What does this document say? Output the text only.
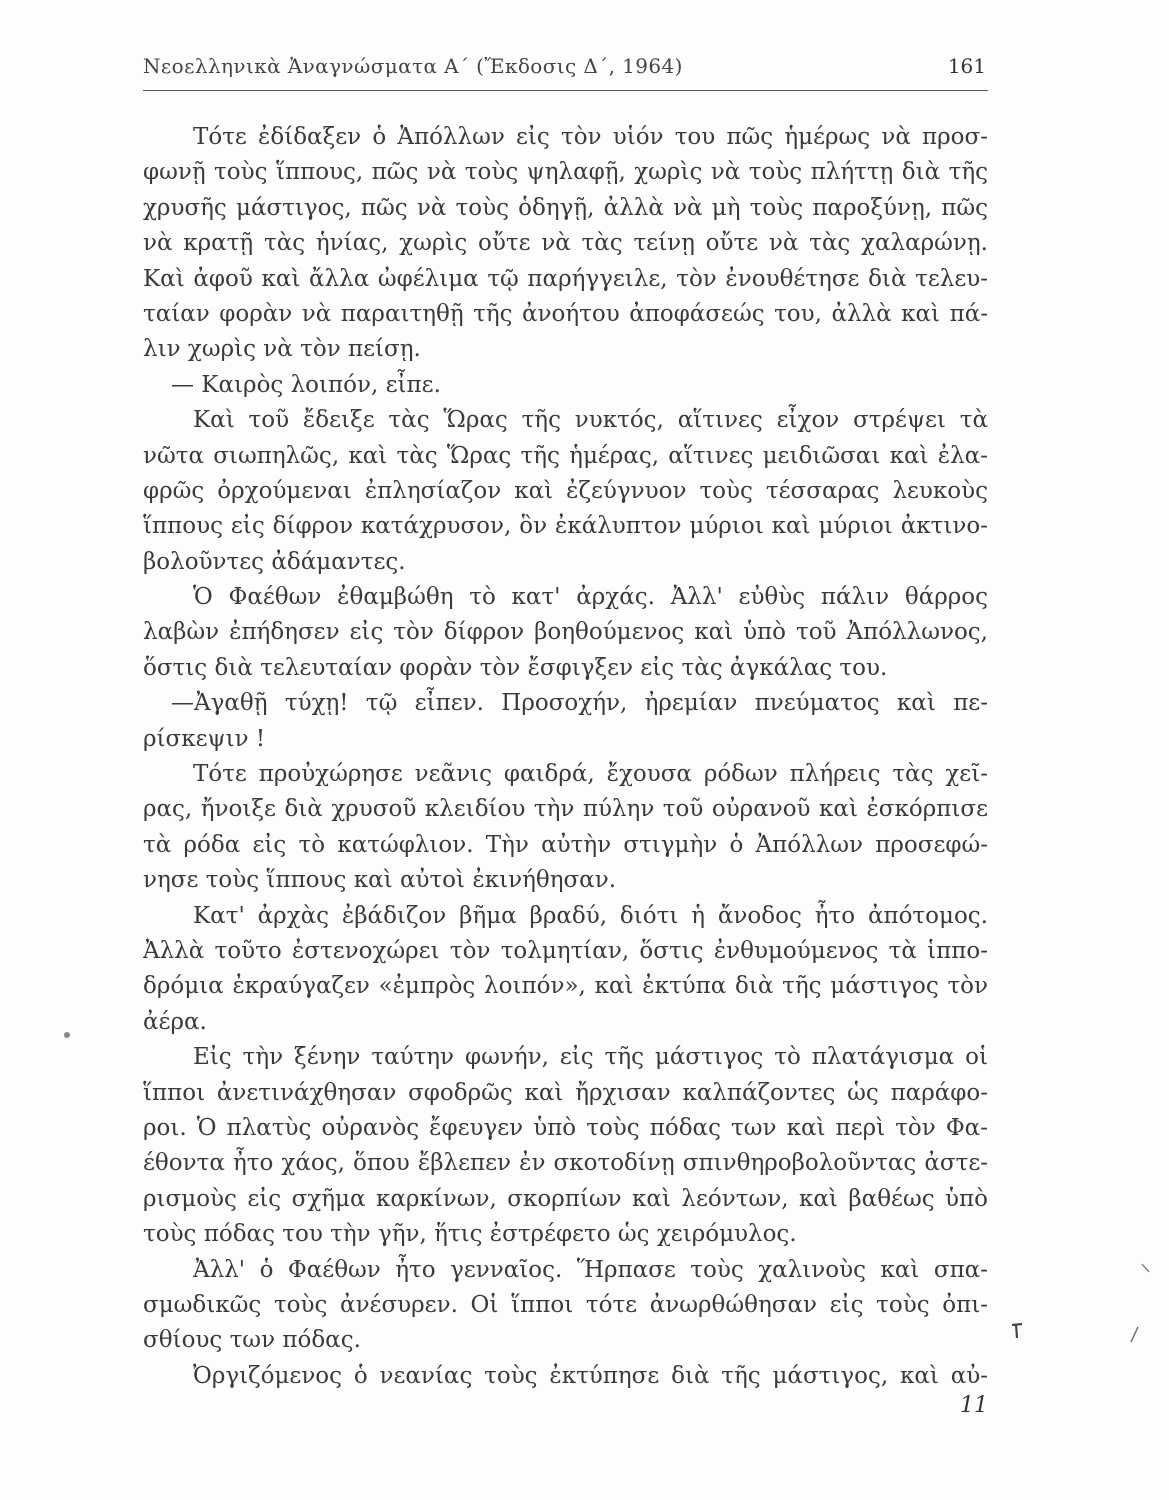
Νεοελληνικὰ Ἀναγνώσματα Α΄ (Ἔκδοσις Δ΄, 1964)	161
Τότε ἐδίδαξεν ὁ Ἀπόλλων εἰς τὸν υἱόν του πῶς ἡμέρως νὰ προσ-
φωνῇ τοὺς ἵππους, πῶς νὰ τοὺς ψηλαφῇ, χωρὶς νὰ τοὺς πλήττῃ διὰ τῆς
χρυσῆς μάστιγος, πῶς νὰ τοὺς ὁδηγῇ, ἀλλὰ νὰ μὴ τοὺς παροξύνῃ, πῶς
νὰ κρατῇ τὰς ἡνίας, χωρὶς οὔτε νὰ τὰς τείνῃ οὔτε νὰ τὰς χαλαρώνῃ.
Καὶ ἀφοῦ καὶ ἄλλα ὠφέλιμα τῷ παρήγγειλε, τὸν ἐνουθέτησε διὰ τελευ-
ταίαν φορὰν νὰ παραιτηθῇ τῆς ἀνοήτου ἀποφάσεώς του, ἀλλὰ καὶ πά-
λιν χωρὶς νὰ τὸν πείσῃ.
— Καιρὸς λοιπόν, εἶπε.
Καὶ τοῦ ἔδειξε τὰς Ὥρας τῆς νυκτός, αἵτινες εἶχον στρέψει τὰ
νῶτα σιωπηλῶς, καὶ τὰς Ὥρας τῆς ἡμέρας, αἵτινες μειδιῶσαι καὶ ἐλα-
φρῶς ὀρχούμεναι ἐπλησίαζον καὶ ἐζεύγνυον τοὺς τέσσαρας λευκοὺς
ἵππους εἰς δίφρον κατάχρυσον, ὃν ἐκάλυπτον μύριοι καὶ μύριοι ἀκτινο-
βολοῦντες ἀδάμαντες.
Ὁ Φαέθων ἐθαμβώθη τὸ κατ' ἀρχάς. Ἀλλ' εὐθὺς πάλιν θάρρος
λαβὼν ἐπήδησεν εἰς τὸν δίφρον βοηθούμενος καὶ ὑπὸ τοῦ Ἀπόλλωνος,
ὅστις διὰ τελευταίαν φορὰν τὸν ἔσφιγξεν εἰς τὰς ἀγκάλας του.
—Ἀγαθῇ τύχῃ! τῷ εἶπεν. Προσοχήν, ἠρεμίαν πνεύματος καὶ πε-
ρίσκεψιν !
Τότε προὐχώρησε νεᾶνις φαιδρά, ἔχουσα ρόδων πλήρεις τὰς χεῖ-
ρας, ἤνοιξε διὰ χρυσοῦ κλειδίου τὴν πύλην τοῦ οὐρανοῦ καὶ ἐσκόρπισε
τὰ ρόδα εἰς τὸ κατώφλιον. Τὴν αὐτὴν στιγμὴν ὁ Ἀπόλλων προσεφώ-
νησε τοὺς ἵππους καὶ αὐτοὶ ἐκινήθησαν.
Κατ' ἀρχὰς ἐβάδιζον βῆμα βραδύ, διότι ἡ ἄνοδος ἦτο ἀπότομος.
Ἀλλὰ τοῦτο ἐστενοχώρει τὸν τολμητίαν, ὅστις ἐνθυμούμενος τὰ ἱππο-
δρόμια ἐκραύγαζεν «ἐμπρὸς λοιπόν», καὶ ἐκτύπα διὰ τῆς μάστιγος τὸν
ἀέρα.
Εἰς τὴν ξένην ταύτην φωνήν, εἰς τῆς μάστιγος τὸ πλατάγισμα οἱ
ἵπποι ἀνετινάχθησαν σφοδρῶς καὶ ἤρχισαν καλπάζοντες ὡς παράφο-
ροι. Ὁ πλατὺς οὐρανὸς ἔφευγεν ὑπὸ τοὺς πόδας των καὶ περὶ τὸν Φα-
έθοντα ἦτο χάος, ὅπου ἔβλεπεν ἐν σκοτοδίνῃ σπινθηροβολοῦντας ἀστε-
ρισμοὺς εἰς σχῆμα καρκίνων, σκορπίων καὶ λεόντων, καὶ βαθέως ὑπὸ
τοὺς πόδας του τὴν γῆν, ἥτις ἐστρέφετο ὡς χειρόμυλος.
Ἀλλ' ὁ Φαέθων ἦτο γενναῖος. Ἥρπασε τοὺς χαλινοὺς καὶ σπα-
σμωδικῶς τοὺς ἀνέσυρεν. Οἱ ἵπποι τότε ἀνωρθώθησαν εἰς τοὺς ὀπι-
σθίους των πόδας.
Ὀργιζόμενος ὁ νεανίας τοὺς ἐκτύπησε διὰ τῆς μάστιγος, καὶ αὐ-
11
